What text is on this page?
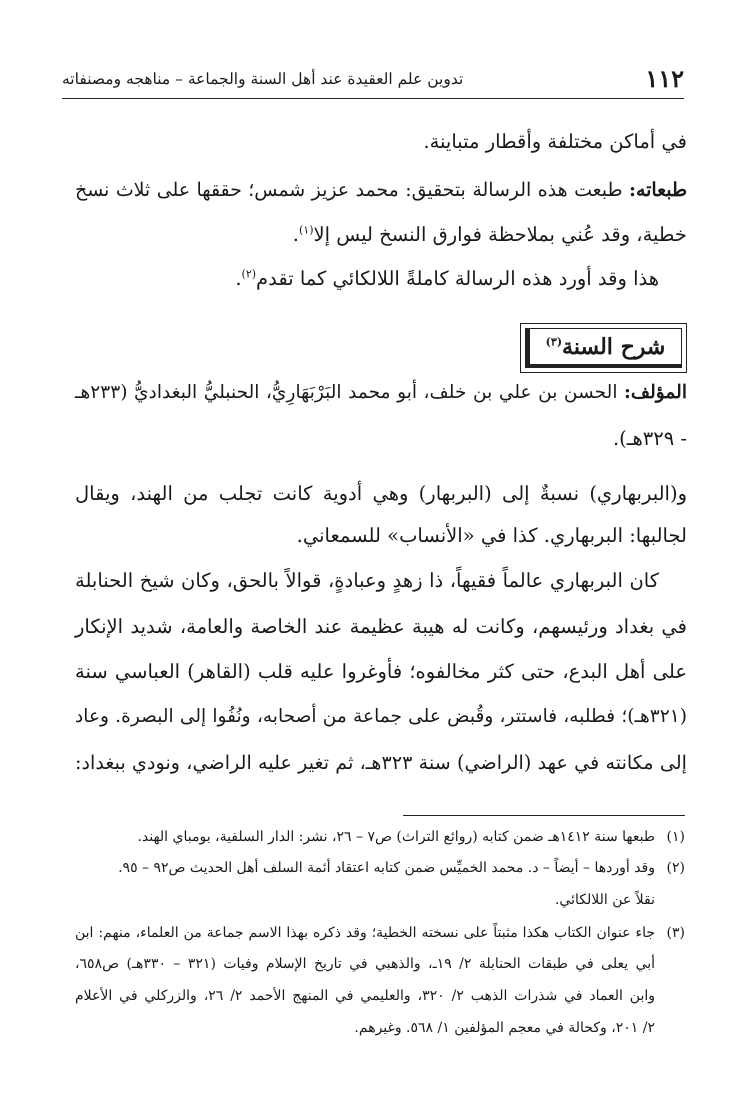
١١٢
تدوين علم العقيدة عند أهل السنة والجماعة – مناهجه ومصنفاته
في أماكن مختلفة وأقطار متباينة.
طبعاته: طبعت هذه الرسالة بتحقيق: محمد عزيز شمس؛ حققها على ثلاث نسخ
خطية، وقد عُني بملاحظة فوارق النسخ ليس إلا$^{(١)}$.
هذا وقد أورد هذه الرسالة كاملةً اللالكائي كما تقدم$^{(٢)}$.
شرح السنة$^{(٣)}$
المؤلف: الحسن بن علي بن خلف، أبو محمد البَرْبَهَارِيُّ، الحنبليُّ البغداديُّ (٢٣٣هـ
- ٣٢٩هـ).
و(البربهاري) نسبةٌ إلى (البربهار) وهي أدوية كانت تجلب من الهند، ويقال
لجالبها: البربهاري. كذا في «الأنساب» للسمعاني.
كان البربهاري عالماً فقيهاً، ذا زهدٍ وعبادةٍ، قوالاً بالحق، وكان شيخ الحنابلة
في بغداد ورئيسهم، وكانت له هيبة عظيمة عند الخاصة والعامة، شديد الإنكار
على أهل البدع، حتى كثر مخالفوه؛ فأوغروا عليه قلب (القاهر) العباسي سنة
(٣٢١هـ)؛ فطلبه، فاستتر، وقُبض على جماعة من أصحابه، ونُفُوا إلى البصرة. وعاد
إلى مكانته في عهد (الراضي) سنة ٣٢٣هـ، ثم تغير عليه الراضي، ونودي ببغداد:
(١)طبعها سنة ١٤١٢هـ ضمن كتابه (روائع التراث) ص٧ – ٢٦، نشر: الدار السلفية، بومباي الهند.
(٢)وقد أوردها – أيضاً – د. محمد الخميِّس ضمن كتابه اعتقاد أئمة السلف أهل الحديث ص٩٢ – ٩٥.
نقلاً عن اللالكائي.
(٣)جاء عنوان الكتاب هكذا مثبتاً على نسخته الخطية؛ وقد ذكره بهذا الاسم جماعة من العلماء، منهم: ابن
أبي يعلى في طبقات الحنابلة ٢/ ١٩ـ، والذهبي في تاريخ الإسلام وفيات (٣٢١ – ٣٣٠هـ) ص٦٥٨،
وابن العماد في شذرات الذهب ٢/ ٣٢٠، والعليمي في المنهج الأحمد ٢/ ٢٦، والزركلي في الأعلام
٢/ ٢٠١، وكحالة في معجم المؤلفين ١/ ٥٦٨. وغيرهم.
